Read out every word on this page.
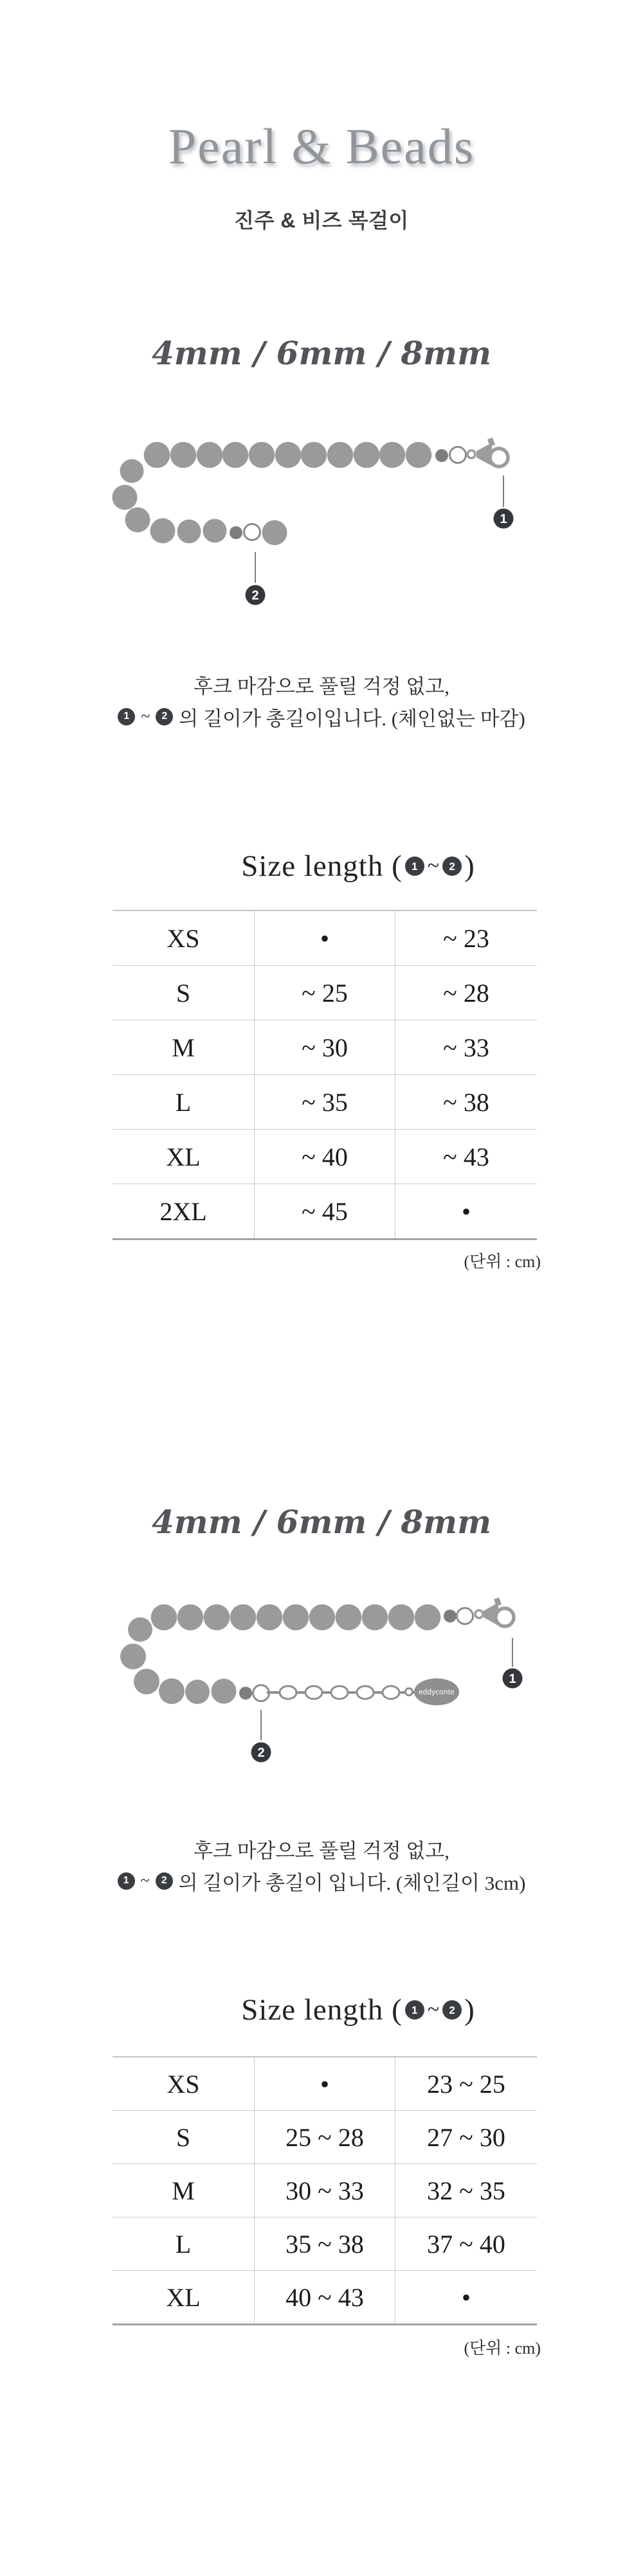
Pearl & Beads
진주 & 비즈 목걸이
4mm / 6mm / 8mm
1
2
후크 마감으로 풀릴 걱정 없고,
1 ~ 2 의 길이가 총길이입니다. (체인없는 마감)
Size length ( 1 ~ 2 )
XS	•	~ 23
S	~ 25	~ 28
M	~ 30	~ 33
L	~ 35	~ 38
XL	~ 40	~ 43
2XL	~ 45	•
(단위 : cm)
4mm / 6mm / 8mm
eddyconte
1
2
후크 마감으로 풀릴 걱정 없고,
1 ~ 2 의 길이가 총길이 입니다. (체인길이 3cm)
Size length ( 1 ~ 2 )
XS	•	23 ~ 25
S	25 ~ 28	27 ~ 30
M	30 ~ 33	32 ~ 35
L	35 ~ 38	37 ~ 40
XL	40 ~ 43	•
(단위 : cm)
